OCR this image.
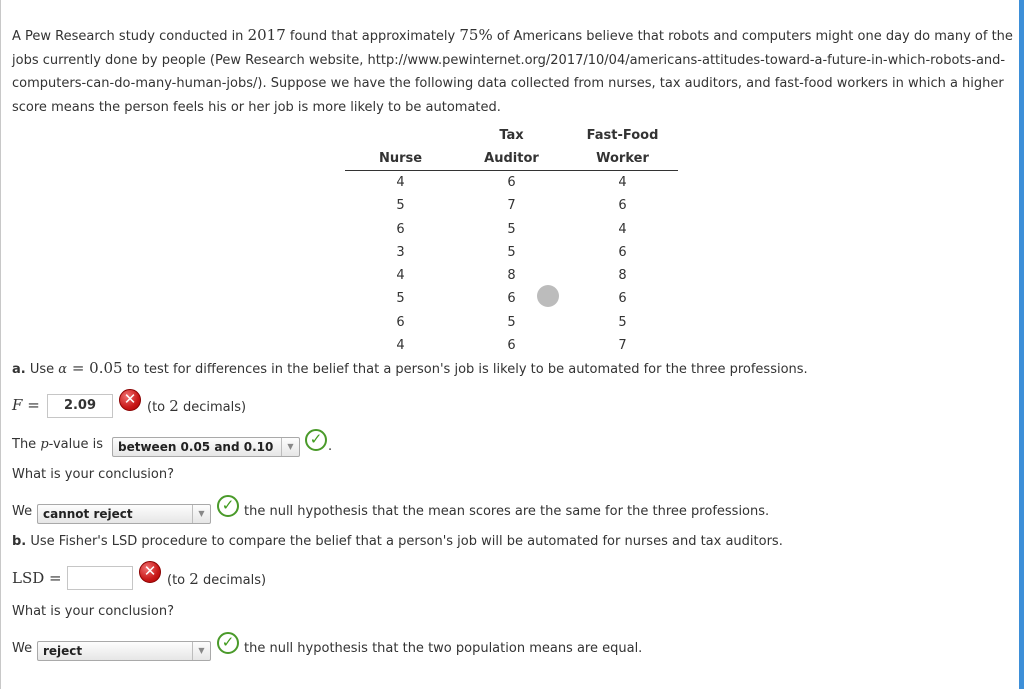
A Pew Research study conducted in 2017 found that approximately 75% of Americans believe that robots and computers might one day do many of the jobs currently done by people (Pew Research website, http://www.pewinternet.org/2017/10/04/americans-attitudes-toward-a-future-in-which-robots-and-computers-can-do-many-human-jobs/). Suppose we have the following data collected from nurses, tax auditors, and fast-food workers in which a higher score means the person feels his or her job is more likely to be automated.
	Tax	Fast-Food
Nurse	Auditor	Worker
4	6	4
5	7	6
6	5	4
3	5	6
4	8	8
5	6	6
6	5	5
4	6	7
a. Use α = 0.05 to test for differences in the belief that a person's job is likely to be automated for the three professions.
F =	2.09	✕ (to 2 decimals)
The p-value is	between 0.05 and 0.10	▼	✓ .
What is your conclusion?
We cannot reject	▼	✓ the null hypothesis that the mean scores are the same for the three professions.
b. Use Fisher's LSD procedure to compare the belief that a person's job will be automated for nurses and tax auditors.
LSD =	✕
(to 2 decimals)
What is your conclusion?
We reject	▼	✓ the null hypothesis that the two population means are equal.
